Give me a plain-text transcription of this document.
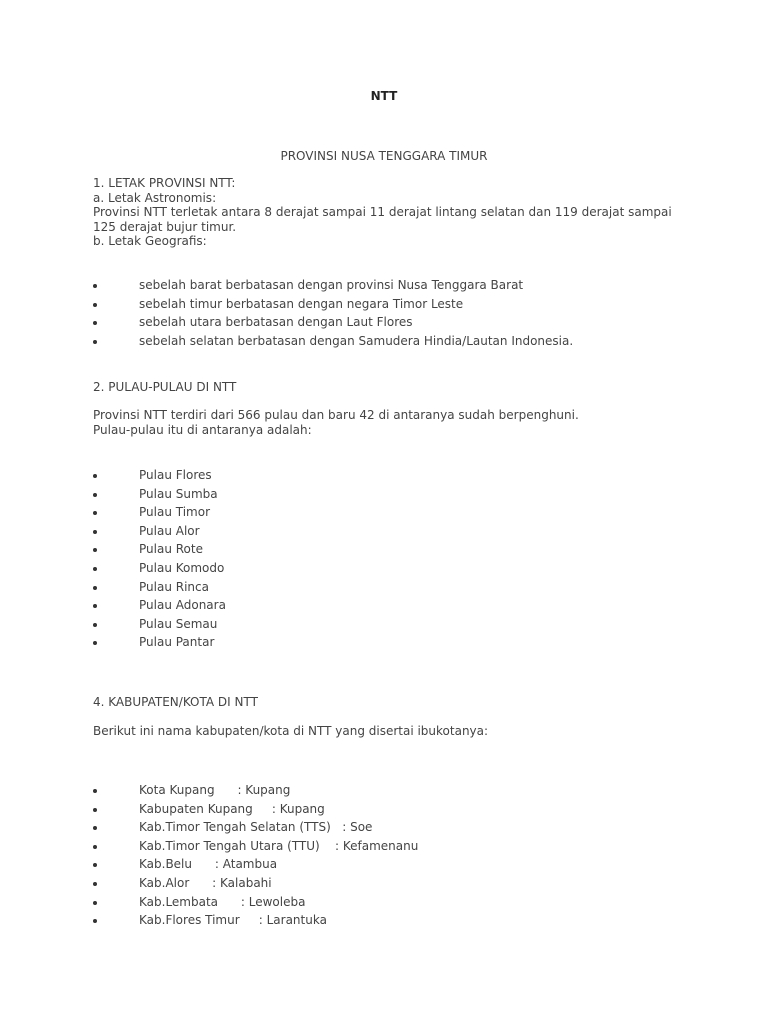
NTT

PROVINSI NUSA TENGGARA TIMUR

1. LETAK PROVINSI NTT:
a. Letak Astronomis:
Provinsi NTT terletak antara 8 derajat sampai 11 derajat lintang selatan dan 119 derajat sampai
125 derajat bujur timur.
b. Letak Geografis:
sebelah barat berbatasan dengan provinsi Nusa Tenggara Barat
sebelah timur berbatasan dengan negara Timor Leste
sebelah utara berbatasan dengan Laut Flores
sebelah selatan berbatasan dengan Samudera Hindia/Lautan Indonesia.

2. PULAU-PULAU DI NTT

Provinsi NTT terdiri dari 566 pulau dan baru 42 di antaranya sudah berpenghuni.
Pulau-pulau itu di antaranya adalah:
Pulau Flores
Pulau Sumba
Pulau Timor
Pulau Alor
Pulau Rote
Pulau Komodo
Pulau Rinca
Pulau Adonara
Pulau Semau
Pulau Pantar

4. KABUPATEN/KOTA DI NTT

Berikut ini nama kabupaten/kota di NTT yang disertai ibukotanya:

Kota Kupang      : Kupang
Kabupaten Kupang     : Kupang
Kab.Timor Tengah Selatan (TTS)   : Soe
Kab.Timor Tengah Utara (TTU)    : Kefamenanu
Kab.Belu      : Atambua
Kab.Alor      : Kalabahi
Kab.Lembata      : Lewoleba
Kab.Flores Timur     : Larantuka
